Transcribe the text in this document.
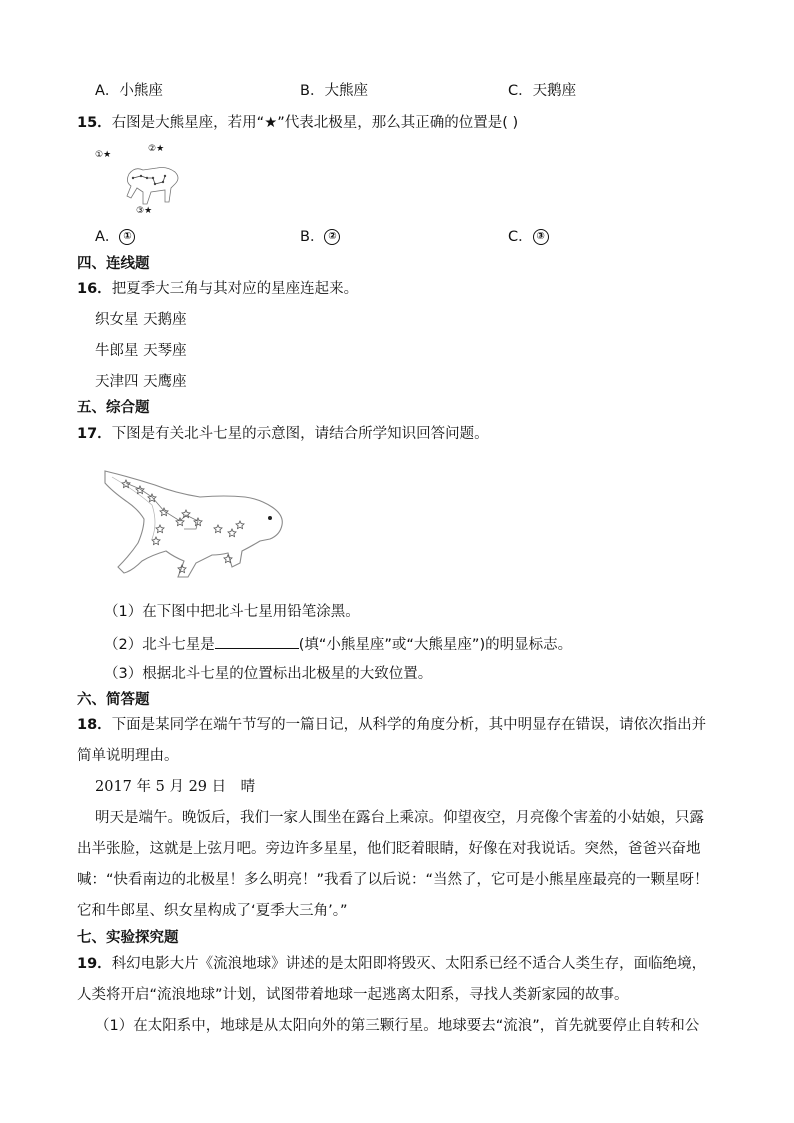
A．小熊座	B．大熊座	C．天鹅座
15．右图是大熊星座，若用“★”代表北极星，那么其正确的位置是( )
①★
②★
③★
A． ①	B． ②	C． ③
四、连线题
16．把夏季大三角与其对应的星座连起来。
织女星 天鹅座
牛郎星 天琴座
天津四 天鹰座
五、综合题
17．下图是有关北斗七星的示意图，请结合所学知识回答问题。
（1）在下图中把北斗七星用铅笔涂黑。
（2）北斗七星是	(填“小熊星座”或“大熊星座”)的明显标志。
（3）根据北斗七星的位置标出北极星的大致位置。
六、简答题
18．下面是某同学在端午节写的一篇日记，从科学的角度分析，其中明显存在错误，请依次指出并
简单说明理由。
2017 年 5 月 29 日　晴
明天是端午。晚饭后，我们一家人围坐在露台上乘凉。仰望夜空，月亮像个害羞的小姑娘，只露
出半张脸，这就是上弦月吧。旁边许多星星，他们眨着眼睛，好像在对我说话。突然，爸爸兴奋地
喊：“快看南边的北极星！多么明亮！”我看了以后说：“当然了，它可是小熊星座最亮的一颗星呀！
它和牛郎星、织女星构成了‘夏季大三角’。”
七、实验探究题
19．科幻电影大片《流浪地球》讲述的是太阳即将毁灭、太阳系已经不适合人类生存，面临绝境，
人类将开启“流浪地球”计划，试图带着地球一起逃离太阳系，寻找人类新家园的故事。
（1）在太阳系中，地球是从太阳向外的第三颗行星。地球要去“流浪”，首先就要停止自转和公
